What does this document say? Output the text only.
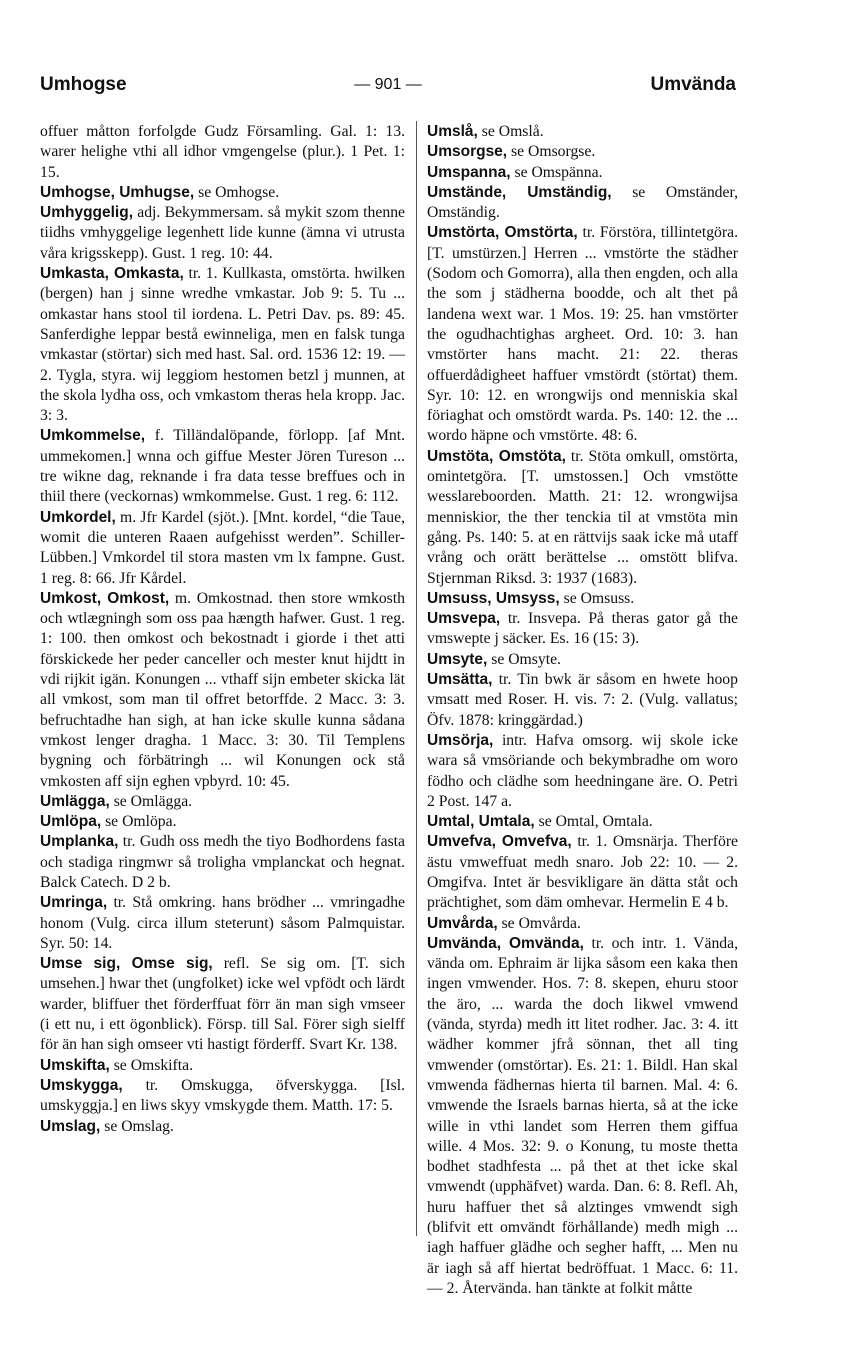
Umhogse	— 901 —	Umvända

offuer måtton forfolgde Gudz Församling. Gal. 1: 13. warer helighe vthi all idhor vmgengelse (plur.). 1 Pet. 1: 15.

Umhogse, Umhugse, se Omhogse.

Umhyggelig, adj. Bekymmersam. så mykit szom thenne tiidhs vmhyggelige legenhett lide kunne (ämna vi utrusta våra krigsskepp). Gust. 1 reg. 10: 44.

Umkasta, Omkasta, tr. 1. Kullkasta, omstörta. hwilken (bergen) han j sinne wredhe vmkastar. Job 9: 5. Tu ... omkastar hans stool til iordena. L. Petri Dav. ps. 89: 45. Sanferdighe leppar bestå ewinneliga, men en falsk tunga vmkastar (störtar) sich med hast. Sal. ord. 1536 12: 19. — 2. Tygla, styra. wij leggiom hestomen betzl j munnen, at the skola lydha oss, och vmkastom theras hela kropp. Jac. 3: 3.

Umkommelse, f. Tilländalöpande, förlopp. [af Mnt. ummekomen.] wnna och giffue Mester Jören Tureson ... tre wikne dag, reknande i fra data tesse breffues och in thiil there (veckornas) wmkommelse. Gust. 1 reg. 6: 112.

Umkordel, m. Jfr Kardel (sjöt.). [Mnt. kordel, “die Taue, womit die unteren Raaen aufgehisst werden”. Schiller-Lübben.] Vmkordel til stora masten vm lx fampne. Gust. 1 reg. 8: 66. Jfr Kårdel.

Umkost, Omkost, m. Omkostnad. then store wmkosth och wtlægningh som oss paa hængth hafwer. Gust. 1 reg. 1: 100. then omkost och bekostnadt i giorde i thet atti förskickede her peder canceller och mester knut hijdtt in vdi rijkit igän. Konungen ... vthaff sijn embeter skicka lät all vmkost, som man til offret betorffde. 2 Macc. 3: 3. befruchtadhe han sigh, at han icke skulle kunna sådana vmkost lenger dragha. 1 Macc. 3: 30. Til Templens bygning och förbätringh ... wil Konungen ock stå vmkosten aff sijn eghen vpbyrd. 10: 45.

Umlägga, se Omlägga.

Umlöpa, se Omlöpa.

Umplanka, tr. Gudh oss medh the tiyo Bodhordens fasta och stadiga ringmwr så troligha vmplanckat och hegnat. Balck Catech. D 2 b.

Umringa, tr. Stå omkring. hans brödher ... vmringadhe honom (Vulg. circa illum steterunt) såsom Palmquistar. Syr. 50: 14.

Umse sig, Omse sig, refl. Se sig om. [T. sich umsehen.] hwar thet (ungfolket) icke wel vpfödt och lärdt warder, bliffuer thet förderffuat förr än man sigh vmseer (i ett nu, i ett ögonblick). Försp. till Sal. Förer sigh sielff för än han sigh omseer vti hastigt förderff. Svart Kr. 138.

Umskifta, se Omskifta.

Umskygga, tr. Omskugga, öfverskygga. [Isl. umskyggja.] en liws skyy vmskygde them. Matth. 17: 5.

Umslag, se Omslag.

Umslå, se Omslå.

Umsorgse, se Omsorgse.

Umspanna, se Omspänna.

Umstände, Umständig, se Omständer, Omständig.

Umstörta, Omstörta, tr. Förstöra, tillintetgöra. [T. umstürzen.] Herren ... vmstörte the städher (Sodom och Gomorra), alla then engden, och alla the som j städherna boodde, och alt thet på landena wext war. 1 Mos. 19: 25. han vmstörter the ogudhachtighas argheet. Ord. 10: 3. han vmstörter hans macht. 21: 22. theras offuerdådigheet haffuer vmstördt (störtat) them. Syr. 10: 12. en wrongwijs ond menniskia skal föriaghat och omstördt warda. Ps. 140: 12. the ... wordo häpne och vmstörte. 48: 6.

Umstöta, Omstöta, tr. Stöta omkull, omstörta, omintetgöra. [T. umstossen.] Och vmstötte wesslareboorden. Matth. 21: 12. wrongwijsa menniskior, the ther tenckia til at vmstöta min gång. Ps. 140: 5. at en rättvijs saak icke må utaff vrång och orätt berättelse ... omstött blifva. Stjernman Riksd. 3: 1937 (1683).

Umsuss, Umsyss, se Omsuss.

Umsvepa, tr. Insvepa. På theras gator gå the vmswepte j säcker. Es. 16 (15: 3).

Umsyte, se Omsyte.

Umsätta, tr. Tin bwk är såsom en hwete hoop vmsatt med Roser. H. vis. 7: 2. (Vulg. vallatus; Öfv. 1878: kringgärdad.)

Umsörja, intr. Hafva omsorg. wij skole icke wara så vmsöriande och bekymbradhe om woro födho och clädhe som heedningane äre. O. Petri 2 Post. 147 a.

Umtal, Umtala, se Omtal, Omtala.

Umvefva, Omvefva, tr. 1. Omsnärja. Therföre ästu vmweffuat medh snaro. Job 22: 10. — 2. Omgifva. Intet är besvikligare än dätta ståt och prächtighet, som däm omhevar. Hermelin E 4 b.

Umvårda, se Omvårda.

Umvända, Omvända, tr. och intr. 1. Vända, vända om. Ephraim är lijka såsom een kaka then ingen vmwender. Hos. 7: 8. skepen, ehuru stoor the äro, ... warda the doch likwel vmwend (vända, styrda) medh itt litet rodher. Jac. 3: 4. itt wädher kommer jfrå sönnan, thet all ting vmwender (omstörtar). Es. 21: 1. Bildl. Han skal vmwenda fädhernas hierta til barnen. Mal. 4: 6. vmwende the Israels barnas hierta, så at the icke wille in vthi landet som Herren them giffua wille. 4 Mos. 32: 9. o Konung, tu moste thetta bodhet stadhfesta ... på thet at thet icke skal vmwendt (upphäfvet) warda. Dan. 6: 8. Refl. Ah, huru haffuer thet så alztinges vmwendt sigh (blifvit ett omvändt förhållande) medh migh ... iagh haffuer glädhe och segher hafft, ... Men nu är iagh så aff hiertat bedröffuat. 1 Macc. 6: 11. — 2. Återvända. han tänkte at folkit måtte
